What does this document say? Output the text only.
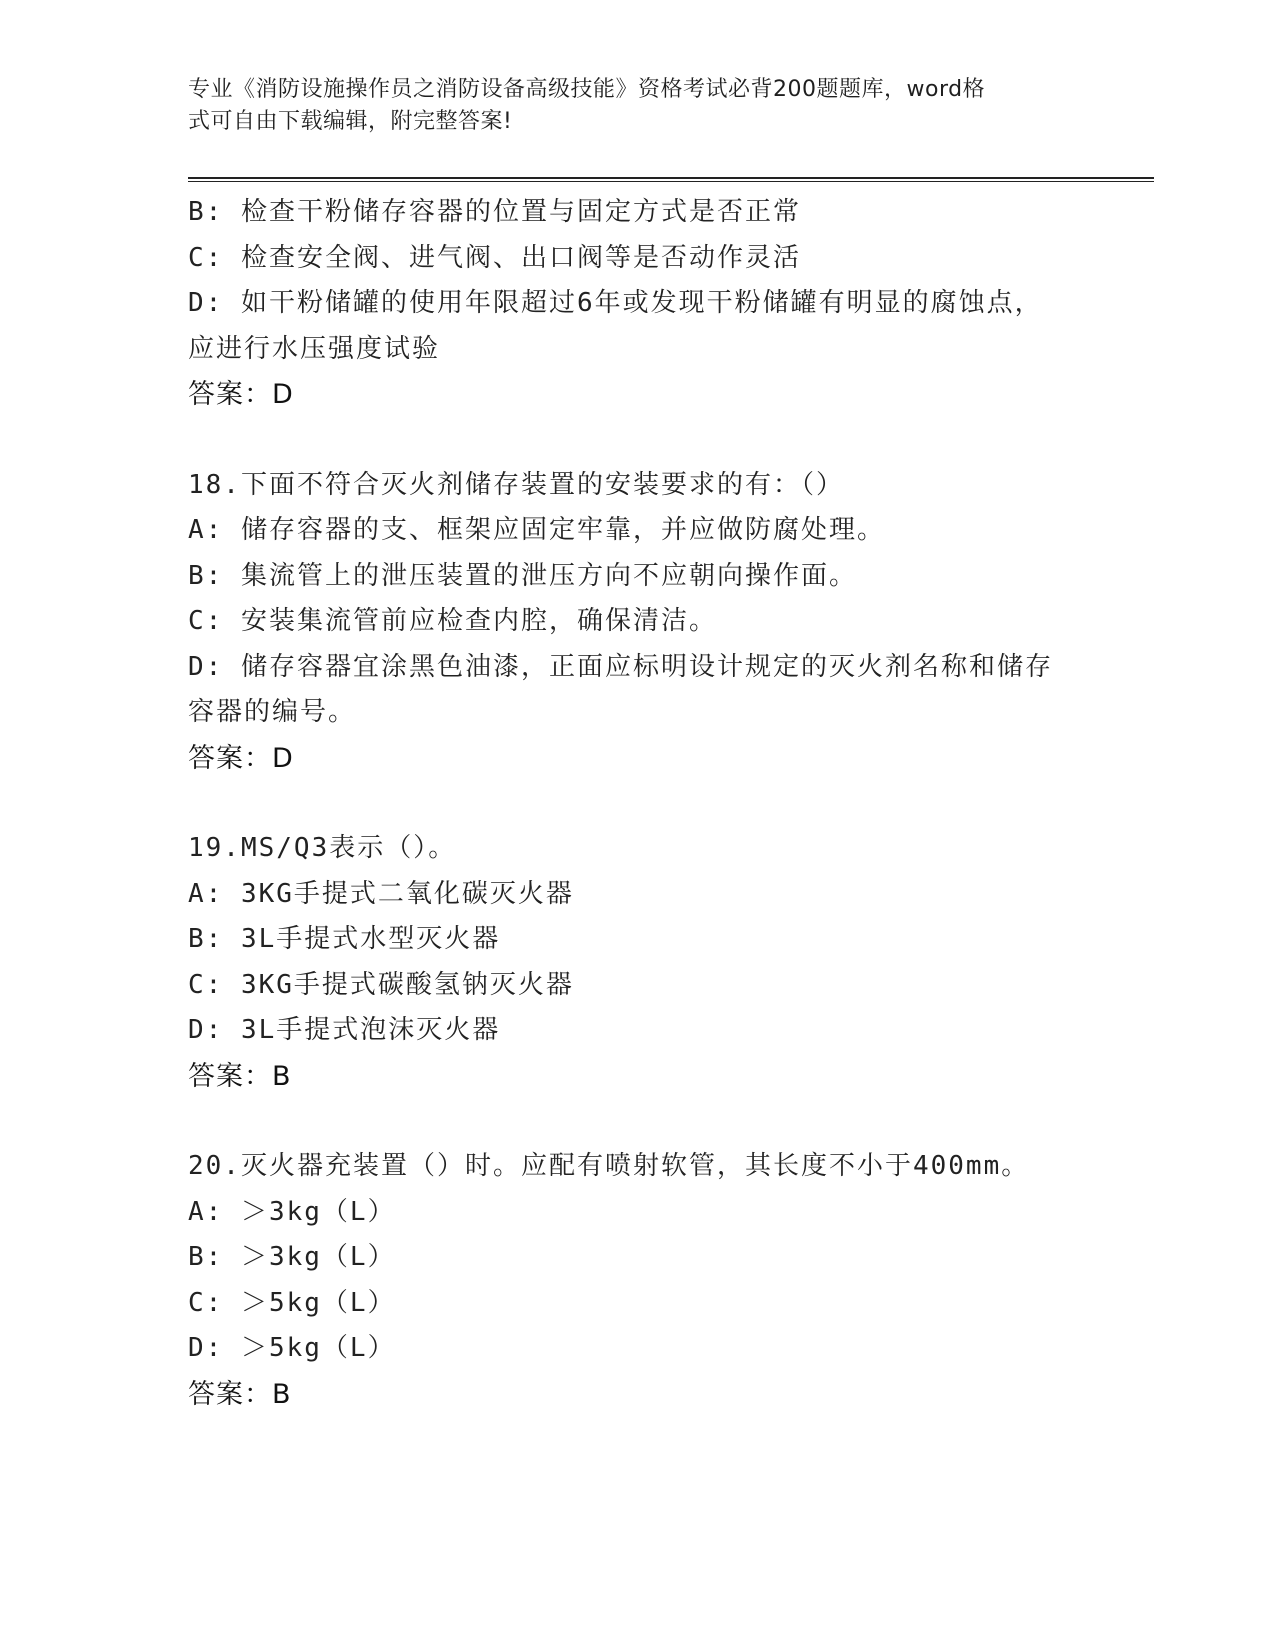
专业《消防设施操作员之消防设备高级技能》资格考试必背200题题库，word格
式可自由下载编辑，附完整答案!
B: 检查干粉储存容器的位置与固定方式是否正常
C: 检查安全阀、进气阀、出口阀等是否动作灵活
D: 如干粉储罐的使用年限超过6年或发现干粉储罐有明显的腐蚀点，
应进行水压强度试验
答案：D
18.下面不符合灭火剂储存装置的安装要求的有：（）
A: 储存容器的支、框架应固定牢靠，并应做防腐处理。
B: 集流管上的泄压装置的泄压方向不应朝向操作面。
C: 安装集流管前应检查内腔，确保清洁。
D: 储存容器宜涂黑色油漆，正面应标明设计规定的灭火剂名称和储存
容器的编号。
答案：D
19.MS/Q3表示（）。
A: 3KG手提式二氧化碳灭火器
B: 3L手提式水型灭火器
C: 3KG手提式碳酸氢钠灭火器
D: 3L手提式泡沫灭火器
答案：B
20.灭火器充装置（）时。应配有喷射软管，其长度不小于400mm。
A: ＞3kg（L）
B: ＞3kg（L）
C: ＞5kg（L）
D: ＞5kg（L）
答案：B
